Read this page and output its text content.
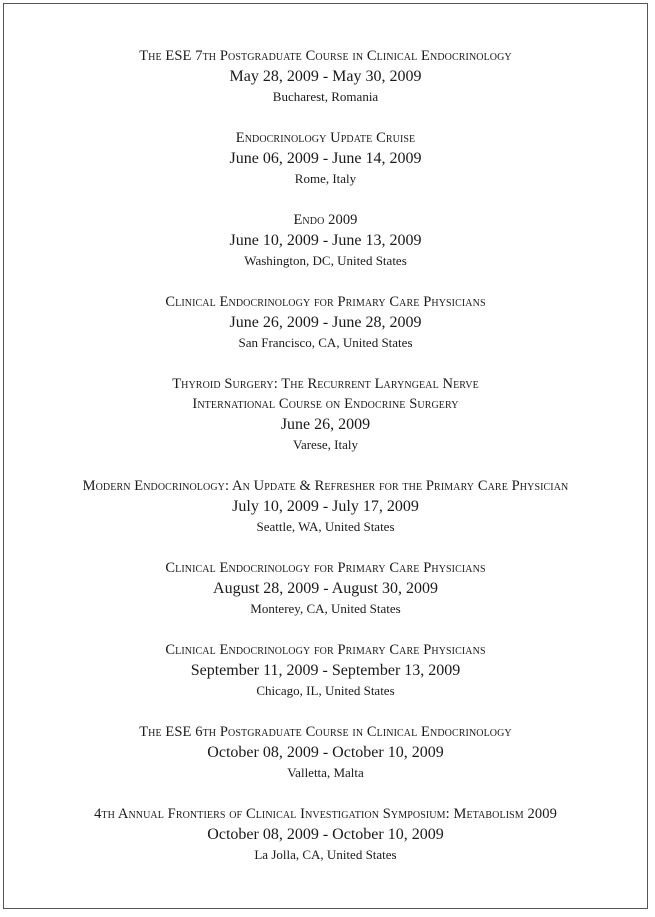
The ESE 7th Postgraduate Course in Clinical Endocrinology
May 28, 2009 - May 30, 2009
Bucharest, Romania
Endocrinology Update Cruise
June 06, 2009 - June 14, 2009
Rome, Italy
Endo 2009
June 10, 2009 - June 13, 2009
Washington, DC, United States
Clinical Endocrinology for Primary Care Physicians
June 26, 2009 - June 28, 2009
San Francisco, CA, United States
Thyroid Surgery: The Recurrent Laryngeal Nerve
International Course on Endocrine Surgery
June 26, 2009
Varese, Italy
Modern Endocrinology: An Update & Refresher for the Primary Care Physician
July 10, 2009 - July 17, 2009
Seattle, WA, United States
Clinical Endocrinology for Primary Care Physicians
August 28, 2009 - August 30, 2009
Monterey, CA, United States
Clinical Endocrinology for Primary Care Physicians
September 11, 2009 - September 13, 2009
Chicago, IL, United States
The ESE 6th Postgraduate Course in Clinical Endocrinology
October 08, 2009 - October 10, 2009
Valletta, Malta
4th Annual Frontiers of Clinical Investigation Symposium: Metabolism 2009
October 08, 2009 - October 10, 2009
La Jolla, CA, United States
